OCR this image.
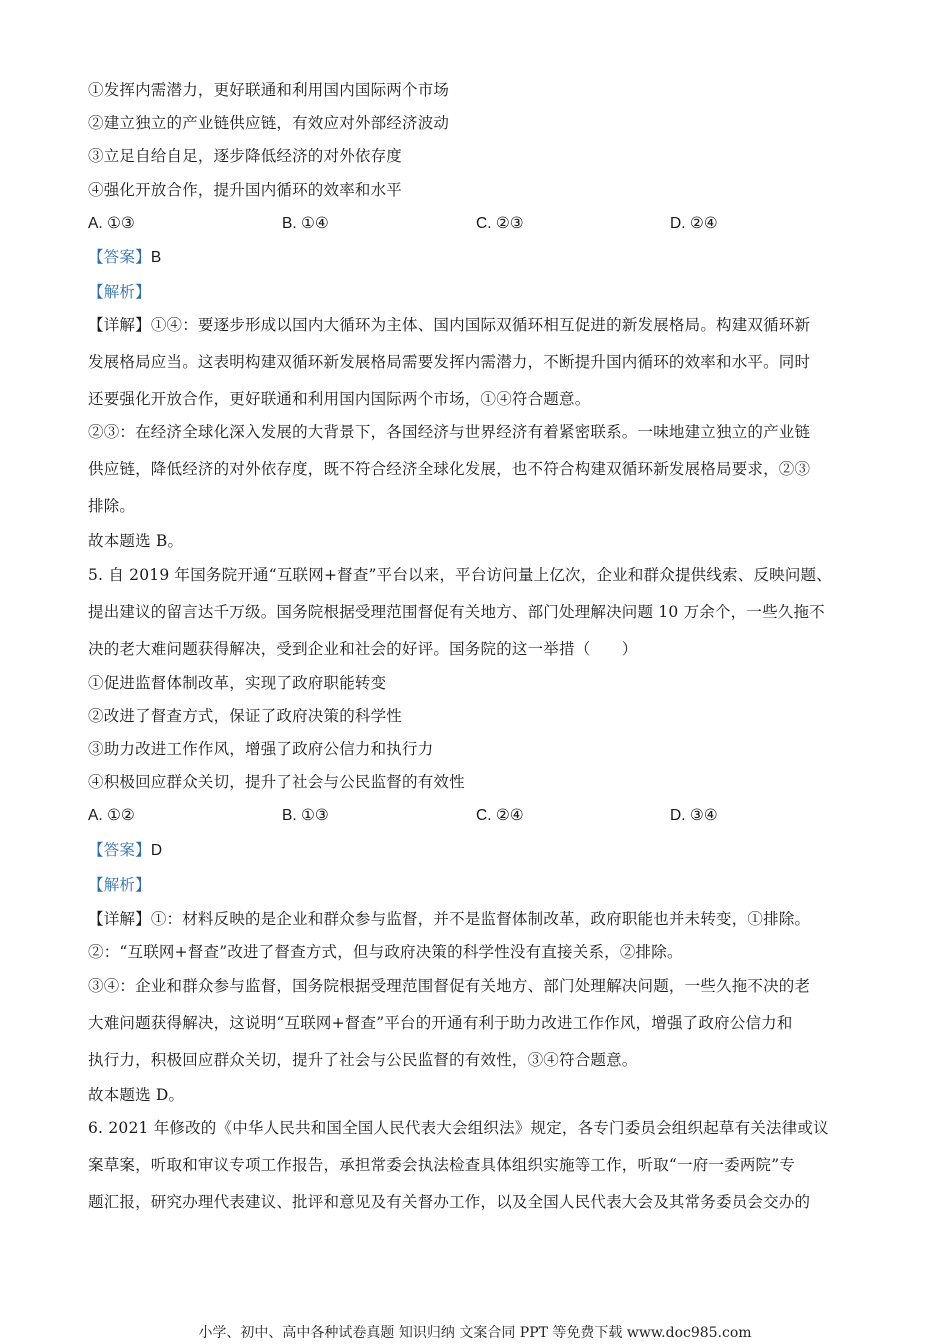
①发挥内需潜力，更好联通和利用国内国际两个市场
②建立独立的产业链供应链，有效应对外部经济波动
③立足自给自足，逐步降低经济的对外依存度
④强化开放合作，提升国内循环的效率和水平
A. ①③	B. ①④	C. ②③	D. ②④
【答案】B
【解析】
【详解】①④：要逐步形成以国内大循环为主体、国内国际双循环相互促进的新发展格局。构建双循环新
发展格局应当。这表明构建双循环新发展格局需要发挥内需潜力，不断提升国内循环的效率和水平。同时
还要强化开放合作，更好联通和利用国内国际两个市场，①④符合题意。
②③：在经济全球化深入发展的大背景下，各国经济与世界经济有着紧密联系。一味地建立独立的产业链
供应链，降低经济的对外依存度，既不符合经济全球化发展，也不符合构建双循环新发展格局要求，②③
排除。
故本题选 B。
5. 自 2019 年国务院开通“互联网+督查”平台以来，平台访问量上亿次，企业和群众提供线索、反映问题、
提出建议的留言达千万级。国务院根据受理范围督促有关地方、部门处理解决问题 10 万余个，一些久拖不
决的老大难问题获得解决，受到企业和社会的好评。国务院的这一举措（　　）
①促进监督体制改革，实现了政府职能转变
②改进了督查方式，保证了政府决策的科学性
③助力改进工作作风，增强了政府公信力和执行力
④积极回应群众关切，提升了社会与公民监督的有效性
A. ①②	B. ①③	C. ②④	D. ③④
【答案】D
【解析】
【详解】①：材料反映的是企业和群众参与监督，并不是监督体制改革，政府职能也并未转变，①排除。
②：“互联网+督查”改进了督查方式，但与政府决策的科学性没有直接关系，②排除。
③④：企业和群众参与监督，国务院根据受理范围督促有关地方、部门处理解决问题，一些久拖不决的老
大难问题获得解决，这说明“互联网+督查”平台的开通有利于助力改进工作作风，增强了政府公信力和
执行力，积极回应群众关切，提升了社会与公民监督的有效性，③④符合题意。
故本题选 D。
6. 2021 年修改的《中华人民共和国全国人民代表大会组织法》规定，各专门委员会组织起草有关法律或议
案草案，听取和审议专项工作报告，承担常委会执法检查具体组织实施等工作，听取“一府一委两院”专
题汇报，研究办理代表建议、批评和意见及有关督办工作，以及全国人民代表大会及其常务委员会交办的
小学、初中、高中各种试卷真题 知识归纳 文案合同 PPT 等免费下载 www.doc985.com
